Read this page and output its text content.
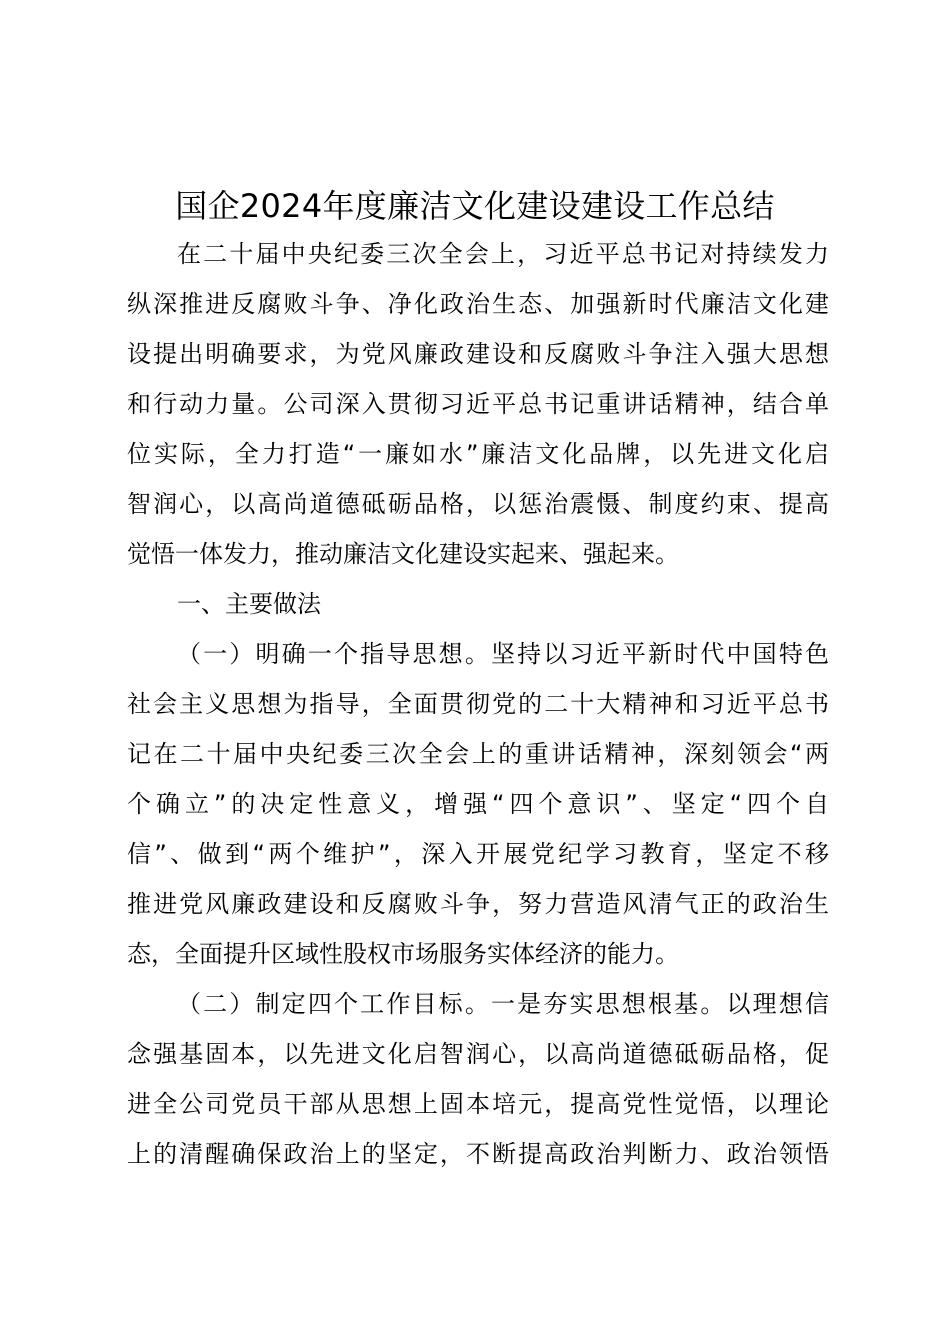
国企2024年度廉洁文化建设建设工作总结
在二十届中央纪委三次全会上，习近平总书记对持续发力
纵深推进反腐败斗争、净化政治生态、加强新时代廉洁文化建
设提出明确要求，为党风廉政建设和反腐败斗争注入强大思想
和行动力量。公司深入贯彻习近平总书记重讲话精神，结合单
位实际，全力打造“一廉如水”廉洁文化品牌，以先进文化启
智润心，以高尚道德砥砺品格，以惩治震慑、制度约束、提高
觉悟一体发力，推动廉洁文化建设实起来、强起来。
一、主要做法
（一）明确一个指导思想。坚持以习近平新时代中国特色
社会主义思想为指导，全面贯彻党的二十大精神和习近平总书
记在二十届中央纪委三次全会上的重讲话精神，深刻领会“两
个确立”的决定性意义，增强“四个意识”、坚定“四个自
信”、做到“两个维护”，深入开展党纪学习教育，坚定不移
推进党风廉政建设和反腐败斗争，努力营造风清气正的政治生
态，全面提升区域性股权市场服务实体经济的能力。
（二）制定四个工作目标。一是夯实思想根基。以理想信
念强基固本，以先进文化启智润心，以高尚道德砥砺品格，促
进全公司党员干部从思想上固本培元，提高党性觉悟，以理论
上的清醒确保政治上的坚定，不断提高政治判断力、政治领悟
